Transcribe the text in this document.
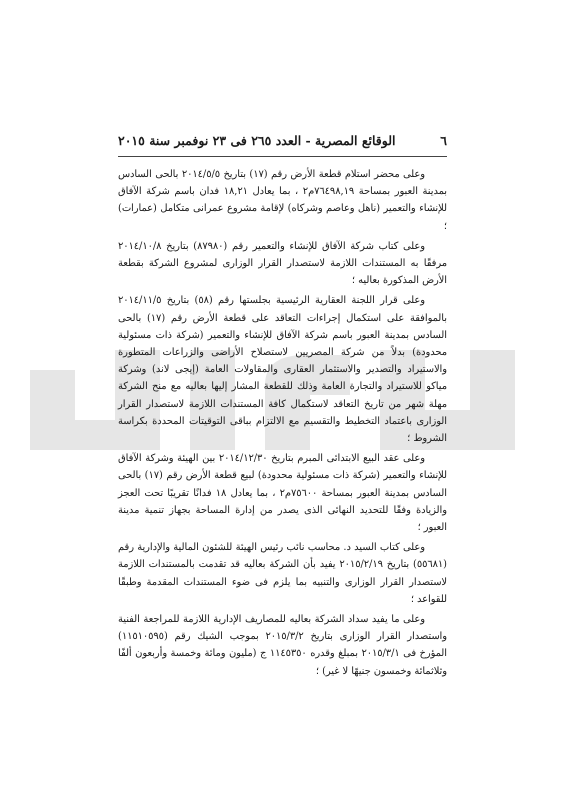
٦
الوقائع المصرية - العدد ٢٦٥ فى ٢٣ نوفمبر سنة ٢٠١٥

وعلى محضر استلام قطعة الأرض رقم (١٧) بتاريخ ٢٠١٤/٥/٥ بالحى السادس بمدينة العبور بمساحة ٧٦٤٩٨,١٩م٢ ، بما يعادل ١٨,٢١ فدان باسم شركة الآفاق للإنشاء والتعمير (ناهل وعاصم وشركاه) لإقامة مشروع عمرانى متكامل (عمارات) ؛

وعلى كتاب شركة الآفاق للإنشاء والتعمير رقم (٨٧٩٨٠) بتاريخ ٢٠١٤/١٠/٨ مرفقًا به المستندات اللازمة لاستصدار القرار الوزارى لمشروع الشركة بقطعة الأرض المذكورة بعاليه ؛

وعلى قرار اللجنة العقارية الرئيسية بجلستها رقم (٥٨) بتاريخ ٢٠١٤/١١/٥ بالموافقة على استكمال إجراءات التعاقد على قطعة الأرض رقم (١٧) بالحى السادس بمدينة العبور باسم شركة الآفاق للإنشاء والتعمير (شركة ذات مسئولية محدودة) بدلاً من شركة المصريين لاستصلاح الأراضى والزراعات المتطورة والاستيراد والتصدير والاستثمار العقارى والمقاولات العامة (إيجى لاند) وشركة مياكو للاستيراد والتجارة العامة وذلك للقطعة المشار إليها بعاليه مع منح الشركة مهلة شهر من تاريخ التعاقد لاستكمال كافة المستندات اللازمة لاستصدار القرار الوزارى باعتماد التخطيط والتقسيم مع الالتزام بباقى التوقيتات المحددة بكراسة الشروط ؛

وعلى عقد البيع الابتدائى المبرم بتاريخ ٢٠١٤/١٢/٣٠ بين الهيئة وشركة الآفاق للإنشاء والتعمير (شركة ذات مسئولية محدودة) لبيع قطعة الأرض رقم (١٧) بالحى السادس بمدينة العبور بمساحة ٧٥٦٠٠م٢ ، بما يعادل ١٨ فدانًا تقريبًا تحت العجز والزيادة وفقًا للتحديد النهائى الذى يصدر من إدارة المساحة بجهاز تنمية مدينة العبور ؛

وعلى كتاب السيد د. محاسب نائب رئيس الهيئة للشئون المالية والإدارية رقم (٥٥٦٨١) بتاريخ ٢٠١٥/٢/١٩ يفيد بأن الشركة بعاليه قد تقدمت بالمستندات اللازمة لاستصدار القرار الوزارى والتنبيه بما يلزم فى ضوء المستندات المقدمة وطبقًا للقواعد ؛

وعلى ما يفيد سداد الشركة بعاليه للمصاريف الإدارية اللازمة للمراجعة الفنية واستصدار القرار الوزارى بتاريخ ٢٠١٥/٣/٢ بموجب الشيك رقم (١١٥١٠٥٩٥) المؤرخ فى ٢٠١٥/٣/١ بمبلغ وقدره ١١٤٥٣٥٠ ج (مليون ومائة وخمسة وأربعون ألفًا وثلاثمائة وخمسون جنيهًا لا غير) ؛
